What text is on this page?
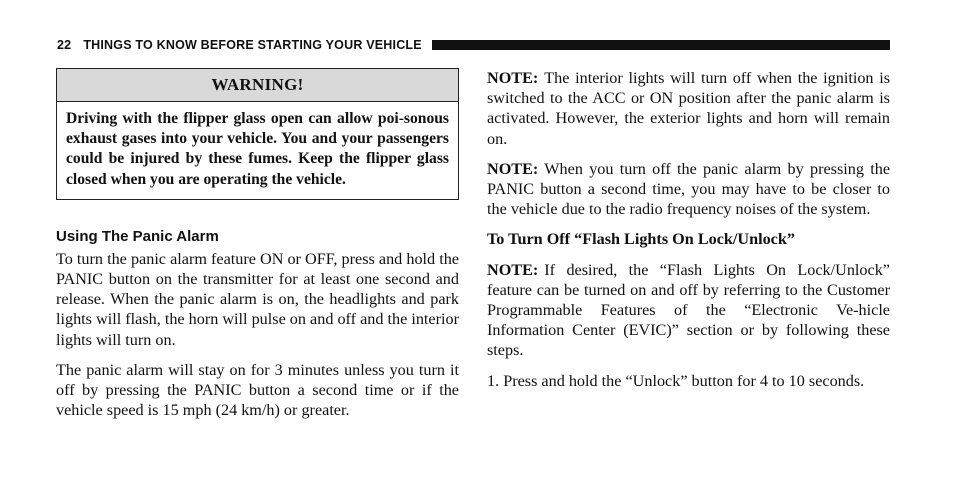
22 THINGS TO KNOW BEFORE STARTING YOUR VEHICLE
WARNING!
Driving with the flipper glass open can allow poi-sonous exhaust gases into your vehicle. You and your passengers could be injured by these fumes. Keep the flipper glass closed when you are operating the vehicle.
Using The Panic Alarm

To turn the panic alarm feature ON or OFF, press and hold the PANIC button on the transmitter for at least one second and release. When the panic alarm is on, the headlights and park lights will flash, the horn will pulse on and off and the interior lights will turn on.

The panic alarm will stay on for 3 minutes unless you turn it off by pressing the PANIC button a second time or if the vehicle speed is 15 mph (24 km/h) or greater.

NOTE: The interior lights will turn off when the ignition is switched to the ACC or ON position after the panic alarm is activated. However, the exterior lights and horn will remain on.

NOTE: When you turn off the panic alarm by pressing the PANIC button a second time, you may have to be closer to the vehicle due to the radio frequency noises of the system.

To Turn Off “Flash Lights On Lock/Unlock”

NOTE: If desired, the “Flash Lights On Lock/Unlock” feature can be turned on and off by referring to the Customer Programmable Features of the “Electronic Ve-hicle Information Center (EVIC)” section or by following these steps.

1. Press and hold the “Unlock” button for 4 to 10 seconds.
